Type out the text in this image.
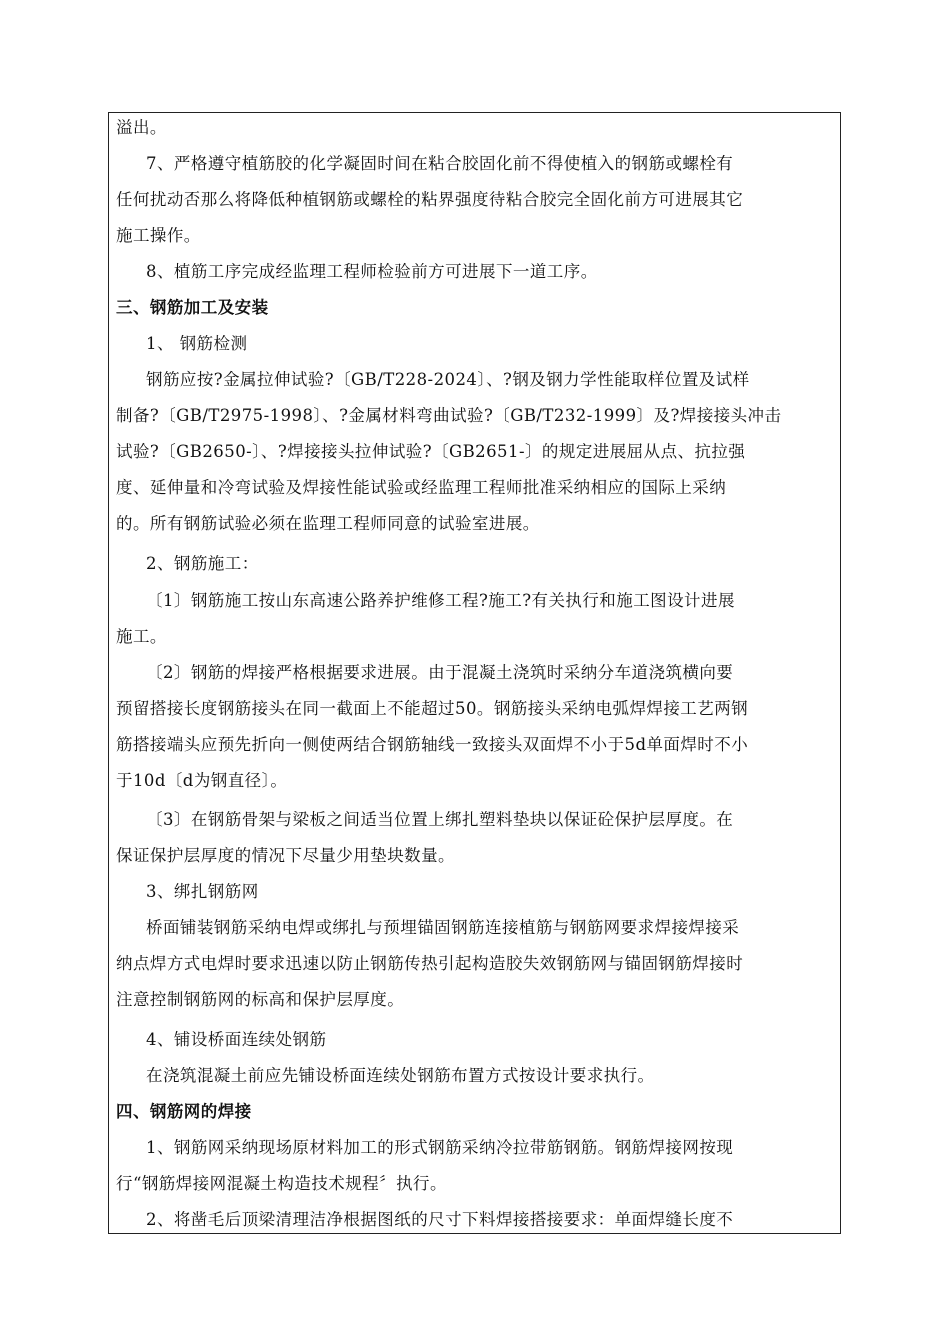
溢出。
7、严格遵守植筋胶的化学凝固时间在粘合胶固化前不得使植入的钢筋或螺栓有
任何扰动否那么将降低种植钢筋或螺栓的粘界强度待粘合胶完全固化前方可进展其它
施工操作。
8、植筋工序完成经监理工程师检验前方可进展下一道工序。
三、钢筋加工及安装
1、 钢筋检测
钢筋应按?金属拉伸试验?〔GB/T228-2024〕、?钢及钢力学性能取样位置及试样
制备?〔GB/T2975-1998〕、?金属材料弯曲试验?〔GB/T232-1999〕及?焊接接头冲击
试验?〔GB2650-〕、?焊接接头拉伸试验?〔GB2651-〕的规定进展屈从点、抗拉强
度、延伸量和冷弯试验及焊接性能试验或经监理工程师批准采纳相应的国际上采纳
的。所有钢筋试验必须在监理工程师同意的试验室进展。
2、钢筋施工：
〔1〕钢筋施工按山东高速公路养护维修工程?施工?有关执行和施工图设计进展
施工。
〔2〕钢筋的焊接严格根据要求进展。由于混凝土浇筑时采纳分车道浇筑横向要
预留搭接长度钢筋接头在同一截面上不能超过50。钢筋接头采纳电弧焊焊接工艺两钢
筋搭接端头应预先折向一侧使两结合钢筋轴线一致接头双面焊不小于5d单面焊时不小
于10d〔d为钢直径〕。
〔3〕在钢筋骨架与梁板之间适当位置上绑扎塑料垫块以保证砼保护层厚度。在
保证保护层厚度的情况下尽量少用垫块数量。
3、绑扎钢筋网
桥面铺装钢筋采纳电焊或绑扎与预埋锚固钢筋连接植筋与钢筋网要求焊接焊接采
纳点焊方式电焊时要求迅速以防止钢筋传热引起构造胶失效钢筋网与锚固钢筋焊接时
注意控制钢筋网的标高和保护层厚度。
4、铺设桥面连续处钢筋
在浇筑混凝土前应先铺设桥面连续处钢筋布置方式按设计要求执行。
四、钢筋网的焊接
1、钢筋网采纳现场原材料加工的形式钢筋采纳冷拉带筋钢筋。钢筋焊接网按现
行“钢筋焊接网混凝土构造技术规程〞执行。
2、将凿毛后顶梁清理洁净根据图纸的尺寸下料焊接搭接要求：单面焊缝长度不
